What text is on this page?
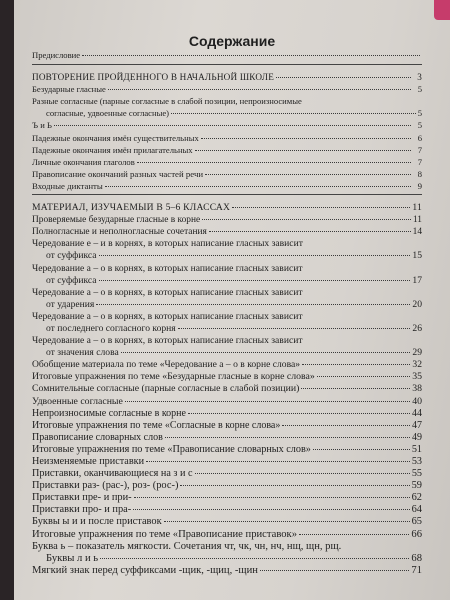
Содержание
Предисловие
ПОВТОРЕНИЕ ПРОЙДЕННОГО В НАЧАЛЬНОЙ ШКОЛЕ	3
Безударные гласные	5
Разные согласные (парные согласные в слабой позиции, непроизносимые
согласные, удвоенные согласные)	5
Ъ и Ь	5
Падежные окончания имён существительных	6
Падежные окончания имён прилагательных	7
Личные окончания глаголов	7
Правописание окончаний разных частей речи	8
Входные диктанты	9
МАТЕРИАЛ, ИЗУЧАЕМЫЙ В 5–6 КЛАССАХ	11
Проверяемые безударные гласные в корне	11
Полногласные и неполногласные сочетания	14
Чередование е – и в корнях, в которых написание гласных зависит
от суффикса	15
Чередование а – о в корнях, в которых написание гласных зависит
от суффикса	17
Чередование а – о в корнях, в которых написание гласных зависит
от ударения	20
Чередование а – о в корнях, в которых написание гласных зависит
от последнего согласного корня	26
Чередование а – о в корнях, в которых написание гласных зависит
от значения слова	29
Обобщение материала по теме «Чередование а – о в корне слова»	32
Итоговые упражнения по теме «Безударные гласные в корне слова»	35
Сомнительные согласные (парные согласные в слабой позиции)	38
Удвоенные согласные	40
Непроизносимые согласные в корне	44
Итоговые упражнения по теме «Согласные в корне слова»	47
Правописание словарных слов	49
Итоговые упражнения по теме «Правописание словарных слов»	51
Неизменяемые приставки	53
Приставки, оканчивающиеся на з и с	55
Приставки раз- (рас-), роз- (рос-)	59
Приставки пре- и при-	62
Приставки про- и пра-	64
Буквы ы и и после приставок	65
Итоговые упражнения по теме «Правописание приставок»	66
Буква ь – показатель мягкости. Сочетания чт, чк, чн, нч, нщ, щн, рщ.
Буквы л и ь	68
Мягкий знак перед суффиксами -щик, -щиц, -щин	71
